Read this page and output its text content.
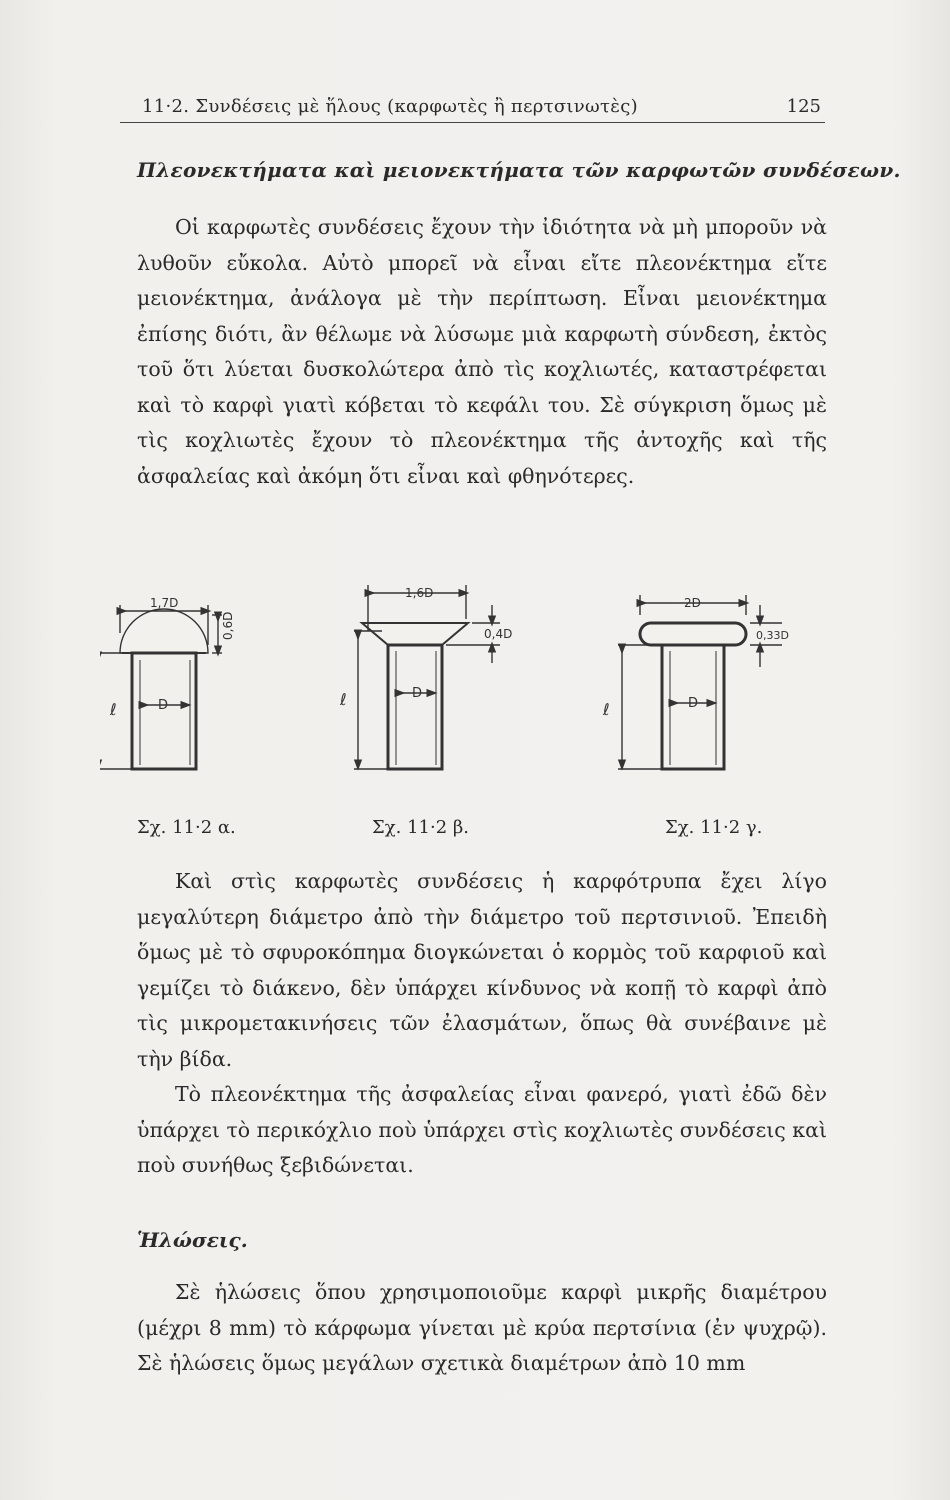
11·2. Συνδέσεις μὲ ἥλους (καρφωτὲς ἢ περτσινωτὲς)	125
Πλεονεκτήματα καὶ μειονεκτήματα τῶν καρφωτῶν συνδέσεων.

Οἱ καρφωτὲς συνδέσεις ἔχουν τὴν ἰδιότητα νὰ μὴ μποροῦν νὰ λυθοῦν εὔκολα. Αὐτὸ μπορεῖ νὰ εἶναι εἴτε πλεονέκτημα εἴτε μειονέκτημα, ἀνάλογα μὲ τὴν περίπτωση. Εἶναι μειονέκτημα ἐπίσης διότι, ἂν θέλωμε νὰ λύσωμε μιὰ καρφωτὴ σύνδεση, ἐκτὸς τοῦ ὅτι λύεται δυσκολώτερα ἀπὸ τὶς κοχλιωτές, καταστρέφεται καὶ τὸ καρφὶ γιατὶ κόβεται τὸ κεφάλι του. Σὲ σύγκριση ὅμως μὲ τὶς κοχλιωτὲς ἔχουν τὸ πλεονέκτημα τῆς ἀντοχῆς καὶ τῆς ἀσφαλείας καὶ ἀκόμη ὅτι εἶναι καὶ φθηνότερες.

1,7D
0,6D
ℓ	D
1,6D
0,4D
ℓ	D
2D
0,33D
ℓ	D
Σχ. 11·2 α.	Σχ. 11·2 β.	Σχ. 11·2 γ.

Καὶ στὶς καρφωτὲς συνδέσεις ἡ καρφότρυπα ἔχει λίγο μεγαλύτερη διάμετρο ἀπὸ τὴν διάμετρο τοῦ περτσινιοῦ. Ἐπειδὴ ὅμως μὲ τὸ σφυροκόπημα διογκώνεται ὁ κορμὸς τοῦ καρφιοῦ καὶ γεμίζει τὸ διάκενο, δὲν ὑπάρχει κίνδυνος νὰ κοπῇ τὸ καρφὶ ἀπὸ τὶς μικρομετακινήσεις τῶν ἐλασμάτων, ὅπως θὰ συνέβαινε μὲ τὴν βίδα.

Τὸ πλεονέκτημα τῆς ἀσφαλείας εἶναι φανερό, γιατὶ ἐδῶ δὲν ὑπάρχει τὸ περικόχλιο ποὺ ὑπάρχει στὶς κοχλιωτὲς συνδέσεις καὶ ποὺ συνήθως ξεβιδώνεται.

Ἡλώσεις.

Σὲ ἡλώσεις ὅπου χρησιμοποιοῦμε καρφὶ μικρῆς διαμέτρου (μέχρι 8 mm) τὸ κάρφωμα γίνεται μὲ κρύα περτσίνια (ἐν ψυχρῷ). Σὲ ἡλώσεις ὅμως μεγάλων σχετικὰ διαμέτρων ἀπὸ 10 mm
